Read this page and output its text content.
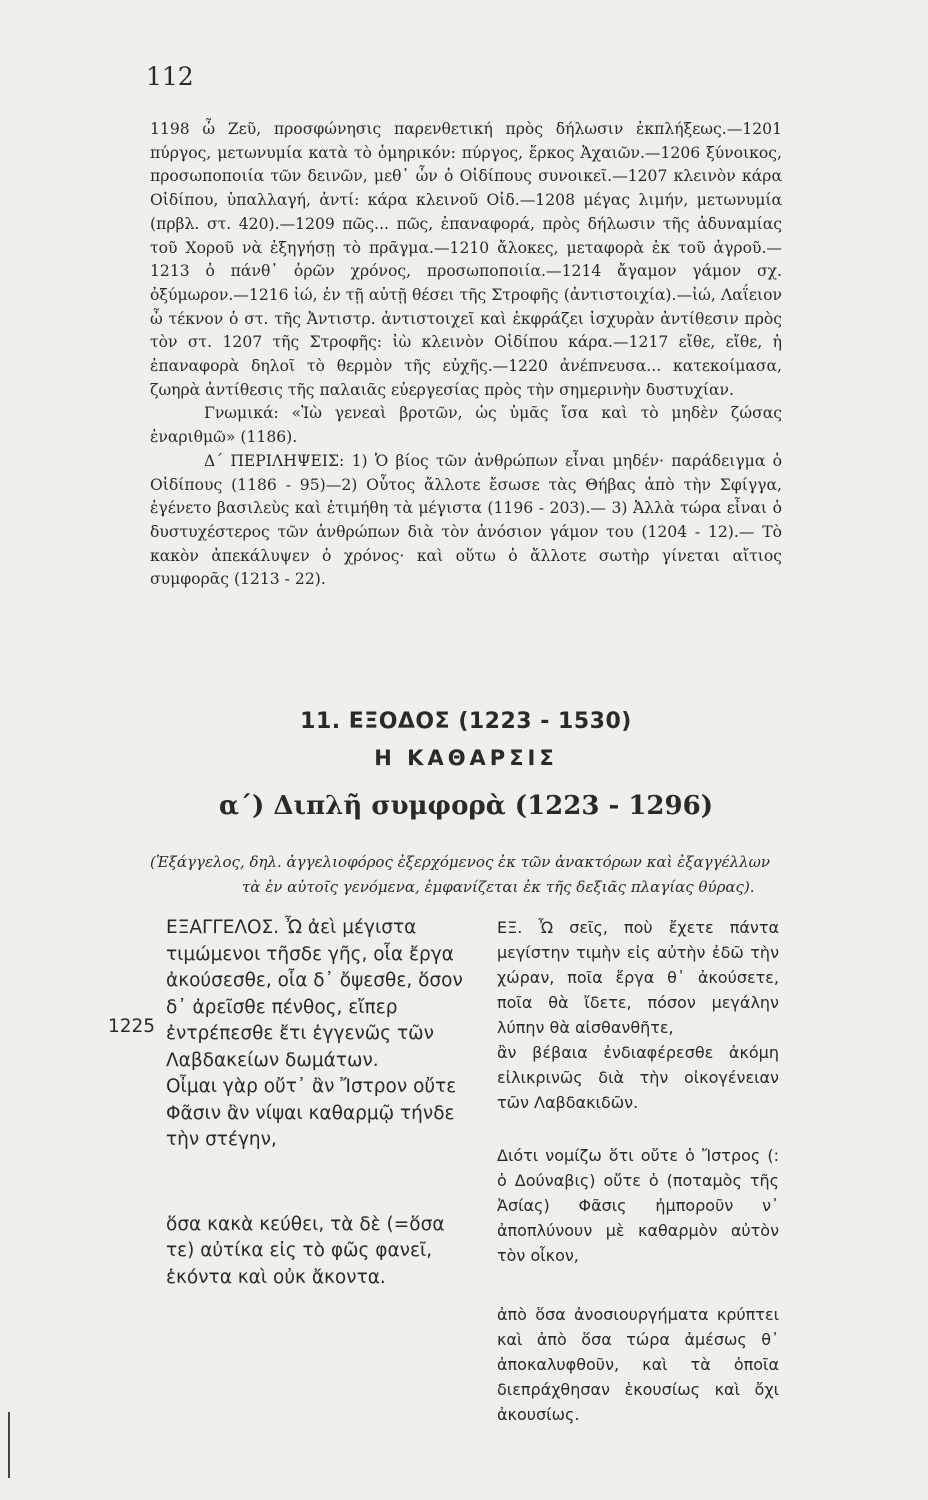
112

1198 ὦ Ζεῦ, προσφώνησις παρενθετική πρὸς δήλωσιν ἐκπλήξεως.—1201 πύργος, μετωνυμία κατὰ τὸ ὁμηρικόν: πύργος, ἕρκος Ἀχαιῶν.—1206 ξύνοικος, προσωποποιία τῶν δεινῶν, μεθ᾽ ὧν ὁ Οἰδίπους συνοικεῖ.—1207 κλεινὸν κάρα Οἰδίπου, ὑπαλλαγή, ἀντί: κάρα κλεινοῦ Οἰδ.—1208 μέγας λιμήν, μετωνυμία (πρβλ. στ. 420).—1209 πῶς... πῶς, ἐπαναφορά, πρὸς δήλωσιν τῆς ἀδυναμίας τοῦ Χοροῦ νὰ ἐξηγήσῃ τὸ πρᾶγμα.—1210 ἄλοκες, μεταφορὰ ἐκ τοῦ ἀγροῦ.—1213 ὁ πάνθ᾽ ὁρῶν χρόνος, προσωποποιία.—1214 ἄγαμον γάμον σχ. ὀξύμωρον.—1216 ἰώ, ἐν τῇ αὐτῇ θέσει τῆς Στροφῆς (ἀντιστοιχία).—ἰώ, Λαΐειον ὦ τέκνον ὁ στ. τῆς Ἀντιστρ. ἀντιστοιχεῖ καὶ ἐκφράζει ἰσχυρὰν ἀντίθεσιν πρὸς τὸν στ. 1207 τῆς Στροφῆς: ἰὼ κλεινὸν Οἰδίπου κάρα.—1217 εἴθε, εἴθε, ἡ ἐπαναφορὰ δηλοῖ τὸ θερμὸν τῆς εὐχῆς.—1220 ἀνέπνευσα... κατεκοίμασα, ζωηρὰ ἀντίθεσις τῆς παλαιᾶς εὐεργεσίας πρὸς τὴν σημερινὴν δυστυχίαν.

Γνωμικά: «Ἰὼ γενεαὶ βροτῶν, ὡς ὑμᾶς ἴσα καὶ τὸ μηδὲν ζώσας ἐναριθμῶ» (1186).

Δ΄ ΠΕΡΙΛΗΨΕΙΣ: 1) Ὁ βίος τῶν ἀνθρώπων εἶναι μηδέν· παράδειγμα ὁ Οἰδίπους (1186 - 95)—2) Οὗτος ἄλλοτε ἔσωσε τὰς Θήβας ἀπὸ τὴν Σφίγγα, ἐγένετο βασιλεὺς καὶ ἐτιμήθη τὰ μέγιστα (1196 - 203).— 3) Ἀλλὰ τώρα εἶναι ὁ δυστυχέστερος τῶν ἀνθρώπων διὰ τὸν ἀνόσιον γάμον του (1204 - 12).— Τὸ κακὸν ἀπεκάλυψεν ὁ χρόνος· καὶ οὕτω ὁ ἄλλοτε σωτὴρ γίνεται αἴτιος συμφορᾶς (1213 - 22).

11. ΕΞΟΔΟΣ (1223 - 1530)
Η ΚΑΘΑΡΣΙΣ
α΄) Διπλῆ συμφορὰ (1223 - 1296)
(Ἐξάγγελος, δηλ. ἀγγελιοφόρος ἐξερχόμενος ἐκ τῶν ἀνακτόρων καὶ ἐξαγγέλλων
τὰ ἐν αὐτοῖς γενόμενα, ἐμφανίζεται ἐκ τῆς δεξιᾶς πλαγίας θύρας).
1225

ΕΞΑΓΓΕΛΟΣ. Ὦ ἀεὶ μέγιστα τιμώμενοι τῆσδε γῆς, οἷα ἔργα ἀκούσεσθε, οἷα δ᾽ ὄψεσθε, ὅσον δ᾽ ἀρεῖσθε πένθος, εἴπερ ἐντρέπεσθε ἔτι ἐγγενῶς τῶν Λαβδακείων δωμάτων.

Οἶμαι γὰρ οὔτ᾽ ἂν Ἴστρον οὔτε Φᾶσιν ἂν νίψαι καθαρμῷ τήνδε τὴν στέγην,

ὅσα κακὰ κεύθει, τὰ δὲ (=ὅσα τε) αὐτίκα εἰς τὸ φῶς φανεῖ, ἑκόντα καὶ οὐκ ἄκοντα.

ΕΞ. Ὦ σεῖς, ποὺ ἔχετε πάντα μεγίστην τιμὴν εἰς αὐτὴν ἐδῶ τὴν χώραν, ποῖα ἔργα θ᾽ ἀκούσετε, ποῖα θὰ ἴδετε, πόσον μεγάλην λύπην θὰ αἰσθανθῆτε,

ἂν βέβαια ἐνδιαφέρεσθε ἀκόμη εἰλικρινῶς διὰ τὴν οἰκογένειαν τῶν Λαβδακιδῶν.

Διότι νομίζω ὅτι οὔτε ὁ Ἴστρος (: ὁ Δούναβις) οὔτε ὁ (ποταμὸς τῆς Ἀσίας) Φᾶσις ἠμποροῦν ν᾽ ἀποπλύνουν μὲ καθαρμὸν αὐτὸν τὸν οἶκον,

ἀπὸ ὅσα ἀνοσιουργήματα κρύπτει καὶ ἀπὸ ὅσα τώρα ἀμέσως θ᾽ ἀποκαλυφθοῦν, καὶ τὰ ὁποῖα διεπράχθησαν ἑκουσίως καὶ ὄχι ἀκουσίως.
